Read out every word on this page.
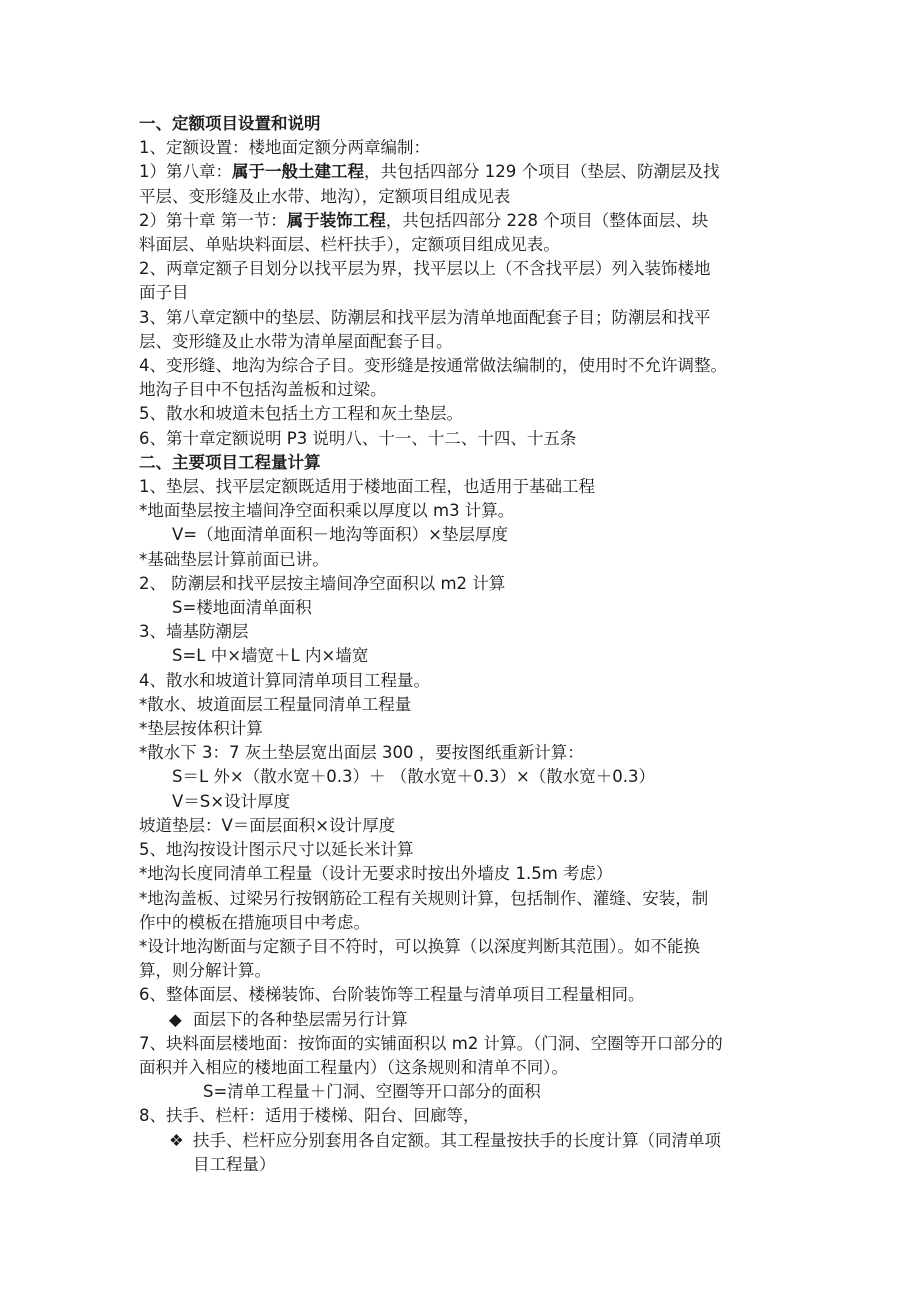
一、定额项目设置和说明
1、定额设置：楼地面定额分两章编制：
1）第八章：属于一般土建工程，共包括四部分 129 个项目（垫层、防潮层及找
平层、变形缝及止水带、地沟），定额项目组成见表
2）第十章 第一节：属于装饰工程，共包括四部分 228 个项目（整体面层、块
料面层、单贴块料面层、栏杆扶手），定额项目组成见表。
2、两章定额子目划分以找平层为界，找平层以上（不含找平层）列入装饰楼地
面子目
3、第八章定额中的垫层、防潮层和找平层为清单地面配套子目；防潮层和找平
层、变形缝及止水带为清单屋面配套子目。
4、变形缝、地沟为综合子目。变形缝是按通常做法编制的，使用时不允许调整。
地沟子目中不包括沟盖板和过梁。
5、散水和坡道未包括土方工程和灰土垫层。
6、第十章定额说明 P3 说明八、十一、十二、十四、十五条
二、主要项目工程量计算
1、垫层、找平层定额既适用于楼地面工程，也适用于基础工程
*地面垫层按主墙间净空面积乘以厚度以 m3 计算。
V=（地面清单面积－地沟等面积）×垫层厚度
*基础垫层计算前面已讲。
2、 防潮层和找平层按主墙间净空面积以 m2 计算
S=楼地面清单面积
3、墙基防潮层
S=L 中×墙宽＋L 内×墙宽
4、散水和坡道计算同清单项目工程量。
*散水、坡道面层工程量同清单工程量
*垫层按体积计算
*散水下 3：7 灰土垫层宽出面层 300 ，要按图纸重新计算：
S＝L 外×（散水宽＋0.3）＋ （散水宽＋0.3）×（散水宽＋0.3）
V＝S×设计厚度
坡道垫层：V＝面层面积×设计厚度
5、地沟按设计图示尺寸以延长米计算
*地沟长度同清单工程量（设计无要求时按出外墙皮 1.5m 考虑）
*地沟盖板、过梁另行按钢筋砼工程有关规则计算，包括制作、灌缝、安装，制
作中的模板在措施项目中考虑。
*设计地沟断面与定额子目不符时，可以换算（以深度判断其范围）。如不能换
算，则分解计算。
6、整体面层、楼梯装饰、台阶装饰等工程量与清单项目工程量相同。
◆ 面层下的各种垫层需另行计算
7、块料面层楼地面：按饰面的实铺面积以 m2 计算。（门洞、空圈等开口部分的
面积并入相应的楼地面工程量内）（这条规则和清单不同）。
S=清单工程量＋门洞、空圈等开口部分的面积
8、扶手、栏杆：适用于楼梯、阳台、回廊等，
❖ 扶手、栏杆应分别套用各自定额。其工程量按扶手的长度计算（同清单项
目工程量）
